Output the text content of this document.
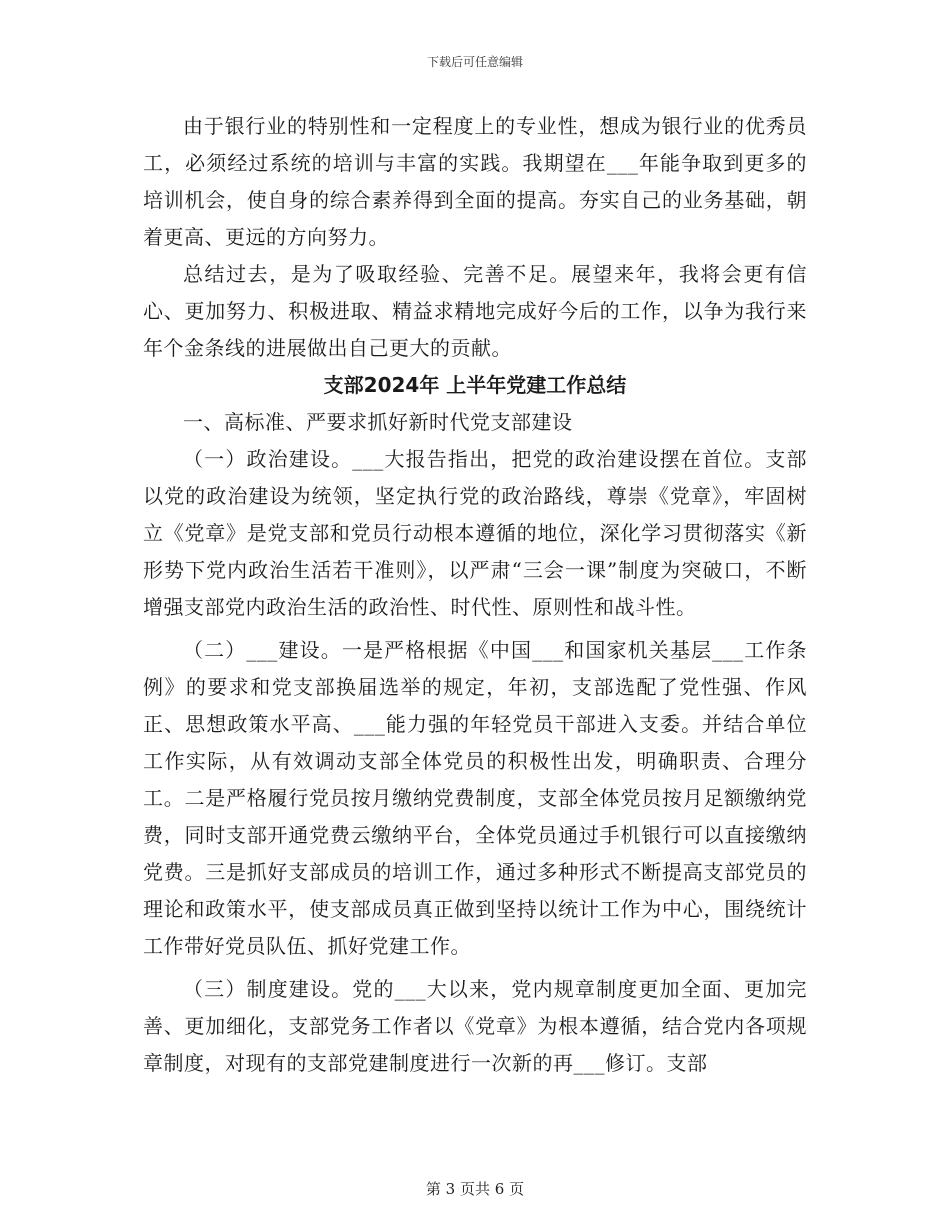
下载后可任意编辑

由于银行业的特别性和一定程度上的专业性，想成为银行业的优秀员工，必须经过系统的培训与丰富的实践。我期望在___年能争取到更多的培训机会，使自身的综合素养得到全面的提高。夯实自己的业务基础，朝着更高、更远的方向努力。

总结过去，是为了吸取经验、完善不足。展望来年，我将会更有信心、更加努力、积极进取、精益求精地完成好今后的工作，以争为我行来年个金条线的进展做出自己更大的贡献。

支部2024年 上半年党建工作总结

一、高标准、严要求抓好新时代党支部建设

（一）政治建设。___大报告指出，把党的政治建设摆在首位。支部以党的政治建设为统领，坚定执行党的政治路线，尊崇《党章》，牢固树立《党章》是党支部和党员行动根本遵循的地位，深化学习贯彻落实《新形势下党内政治生活若干准则》，以严肃“三会一课”制度为突破口，不断增强支部党内政治生活的政治性、时代性、原则性和战斗性。

（二）___建设。一是严格根据《中国___和国家机关基层___工作条例》的要求和党支部换届选举的规定，年初，支部选配了党性强、作风正、思想政策水平高、___能力强的年轻党员干部进入支委。并结合单位工作实际，从有效调动支部全体党员的积极性出发，明确职责、合理分工。二是严格履行党员按月缴纳党费制度，支部全体党员按月足额缴纳党费，同时支部开通党费云缴纳平台，全体党员通过手机银行可以直接缴纳党费。三是抓好支部成员的培训工作，通过多种形式不断提高支部党员的理论和政策水平，使支部成员真正做到坚持以统计工作为中心，围绕统计工作带好党员队伍、抓好党建工作。

（三）制度建设。党的___大以来，党内规章制度更加全面、更加完善、更加细化，支部党务工作者以《党章》为根本遵循，结合党内各项规章制度，对现有的支部党建制度进行一次新的再___修订。支部

第 3 页共 6 页
